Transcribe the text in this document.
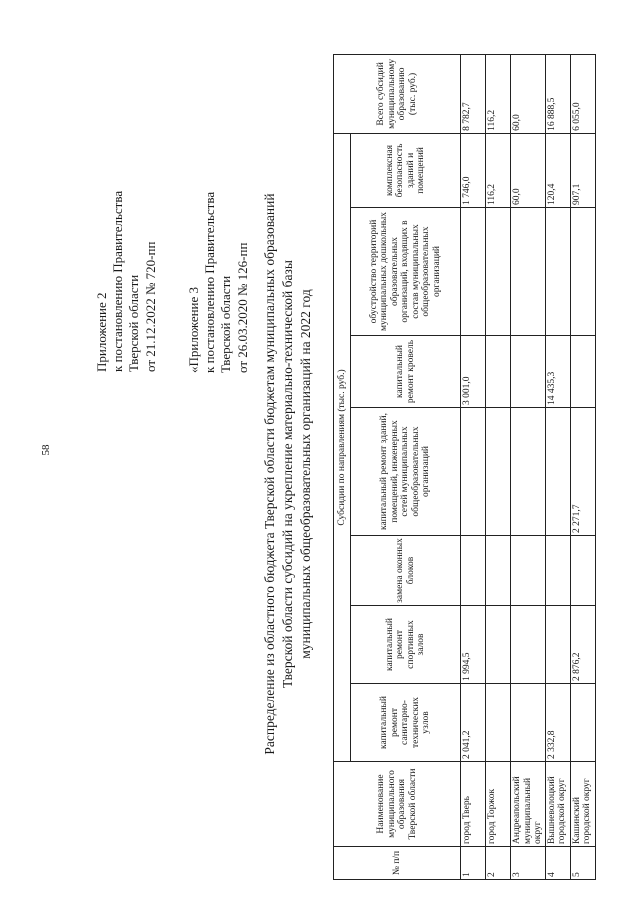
58
Приложение 2 к постановлению Правительства Тверской области от 21.12.2022 № 720-пп «Приложение 3 к постановлению Правительства Тверской области от 26.03.2020 № 126-пп Распределение из областного бюджета Тверской области бюджетам муниципальных образований Тверской области субсидий на укрепление материально-технической базы муниципальных общеобразовательных организаций на 2022 год
№ п/п	Наименование муниципального образования Тверской области	Субсидии по направлениям (тыс. руб.)							Всего субсидий муниципальному образованию (тыс. руб.)
		капитальный ремонт санитарно-технических узлов	капитальный ремонт спортивных залов	замена оконных блоков	капитальный ремонт зданий, помещений, инженерных сетей муниципальных общеобразовательных организаций	капитальный ремонт кровель	обустройство территорий муниципальных дошкольных образовательных организаций, входящих в состав муниципальных общеобразовательных организаций	комплексная безопасность зданий и помещений	
1	город Тверь	2 041,2	1 994,5			3 001,0		1 746,0	8 782,7
2	город Торжок							116,2	116,2
3	Андреапольский муниципальный округ							60,0	60,0
4	Вышневолоцкий городской округ	2 332,8				14 435,3		120,4	16 888,5
5	Кашинский городской округ		2 876,2		2 271,7			907,1	6 055,0
